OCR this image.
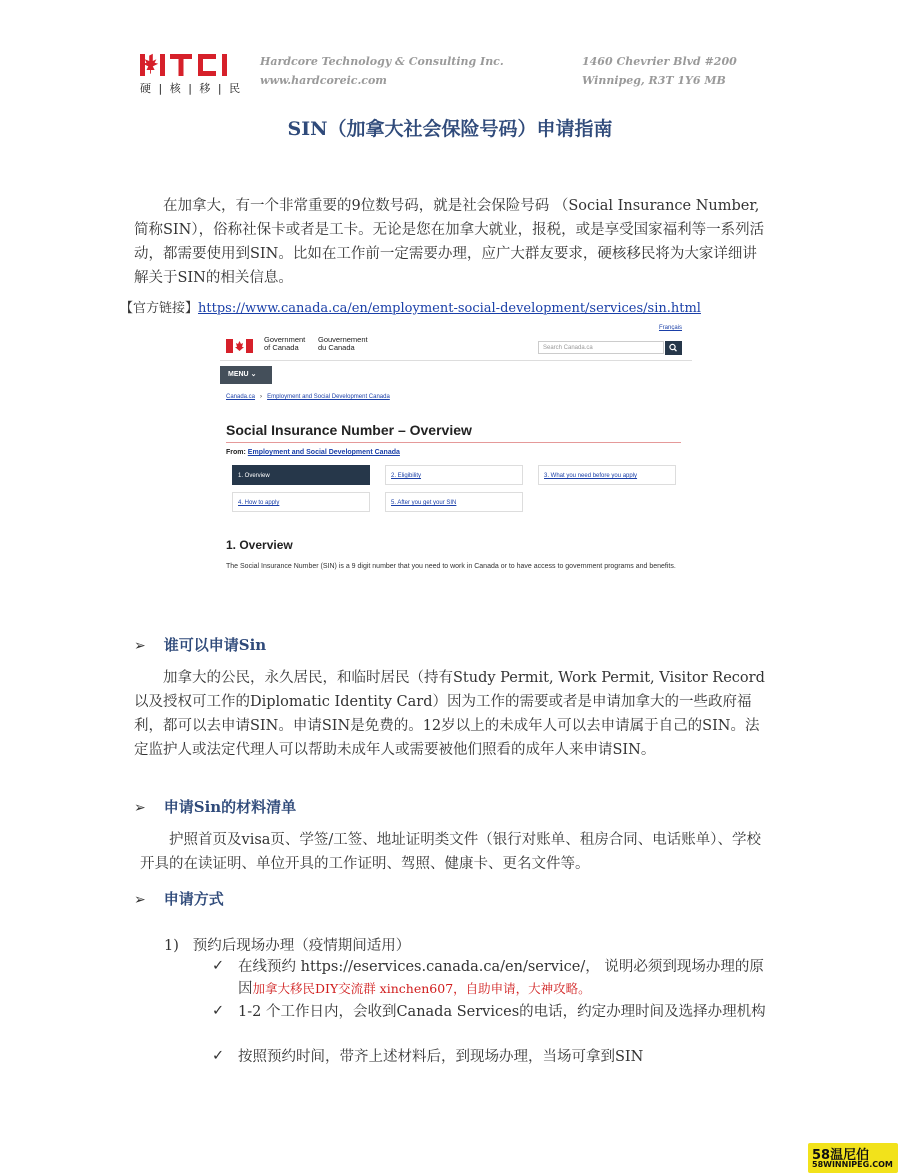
硬 | 核 | 移 | 民
Hardcore Technology & Consulting Inc.
www.hardcoreic.com
1460 Chevrier Blvd #200
Winnipeg, R3T 1Y6 MB
SIN（加拿大社会保险号码）申请指南
在加拿大，有一个非常重要的9位数号码，就是社会保险号码 （Social Insurance Number, 简称SIN），俗称社保卡或者是工卡。无论是您在加拿大就业，报税，或是享受国家福利等一系列活动，都需要使用到SIN。比如在工作前一定需要办理，应广大群友要求，硬核移民将为大家详细讲解关于SIN的相关信息。
【官方链接】https://www.canada.ca/en/employment-social-development/services/sin.html
Français
Government
of Canada
Gouvernement
du Canada	Search Canada.ca
MENU ⌄
Canada.ca › Employment and Social Development Canada
Social Insurance Number – Overview
From: Employment and Social Development Canada
1. Overview	2. Eligibility	3. What you need before you apply
4. How to apply	5. After you get your SIN
1. Overview
The Social Insurance Number (SIN) is a 9 digit number that you need to work in Canada or to have access to government programs and benefits.
➢ 谁可以申请Sin
加拿大的公民，永久居民，和临时居民（持有Study Permit, Work Permit, Visitor Record 以及授权可工作的Diplomatic Identity Card）因为工作的需要或者是申请加拿大的一些政府福利，都可以去申请SIN。申请SIN是免费的。12岁以上的未成年人可以去申请属于自己的SIN。法定监护人或法定代理人可以帮助未成年人或需要被他们照看的成年人来申请SIN。
➢ 申请Sin的材料清单
护照首页及visa页、学签/工签、地址证明类文件（银行对账单、租房合同、电话账单）、学校开具的在读证明、单位开具的工作证明、驾照、健康卡、更名文件等。
➢ 申请方式
1) 预约后现场办理（疫情期间适用）
✓ 在线预约 https://eservices.canada.ca/en/service/， 说明必须到现场办理的原因加拿大移民DIY交流群 xinchen607，自助申请，大神攻略。
✓ 1-2 个工作日内，会收到Canada Services的电话，约定办理时间及选择办理机构
✓ 按照预约时间，带齐上述材料后，到现场办理，当场可拿到SIN
58温尼伯
58WINNIPEG.COM
